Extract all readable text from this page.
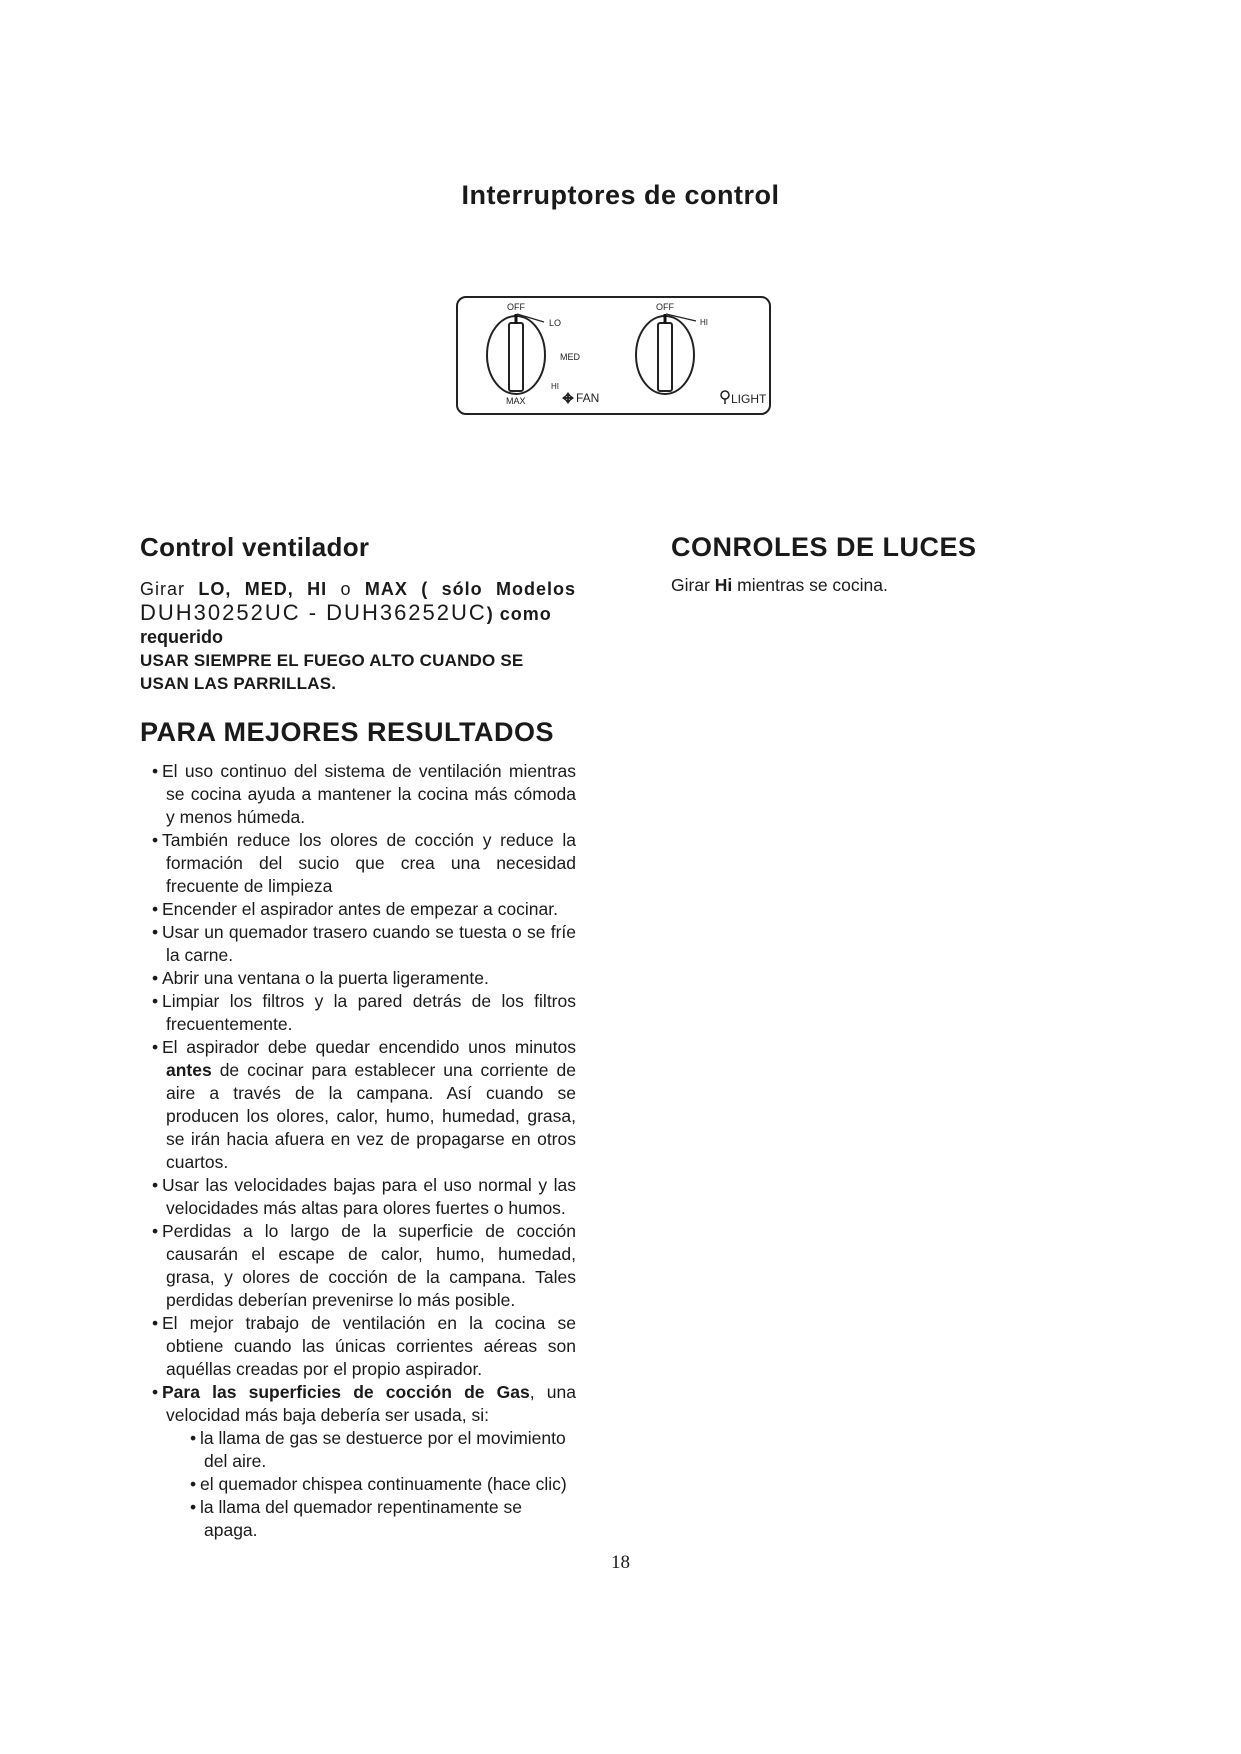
Interruptores de control
OFF
LO
MED
HI
MAX	FAN
OFF
HI
LIGHT
Control ventilador

Girar LO, MED, HI o MAX ( sólo Modelos DUH30252UC - DUH36252UC) como

requerido

USAR SIEMPRE EL FUEGO ALTO CUANDO SE USAN LAS PARRILLAS.

PARA MEJORES RESULTADOS
• El uso continuo del sistema de ventilación mientras se cocina ayuda a mantener la cocina más cómoda y menos húmeda.
• También reduce los olores de cocción y reduce la formación del sucio que crea una necesidad frecuente de limpieza
• Encender el aspirador antes de empezar a cocinar.
• Usar un quemador trasero cuando se tuesta o se fríe la carne.
• Abrir una ventana o la puerta ligeramente.
• Limpiar los filtros y la pared detrás de los filtros frecuentemente.
• El aspirador debe quedar encendido unos minutos antes de cocinar para establecer una corriente de aire a través de la campana. Así cuando se producen los olores, calor, humo, humedad, grasa, se irán hacia afuera en vez de propagarse en otros cuartos.
• Usar las velocidades bajas para el uso normal y las velocidades más altas para olores fuertes o humos.
• Perdidas a lo largo de la superficie de cocción causarán el escape de calor, humo, humedad, grasa, y olores de cocción de la campana. Tales perdidas deberían prevenirse lo más posible.
• El mejor trabajo de ventilación en la cocina se obtiene cuando las únicas corrientes aéreas son aquéllas creadas por el propio aspirador.
• Para las superficies de cocción de Gas, una velocidad más baja debería ser usada, si:
• la llama de gas se destuerce por el movimiento del aire.
• el quemador chispea continuamente (hace clic)
• la llama del quemador repentinamente se apaga.
CONROLES DE LUCES

Girar Hi mientras se cocina.

18
